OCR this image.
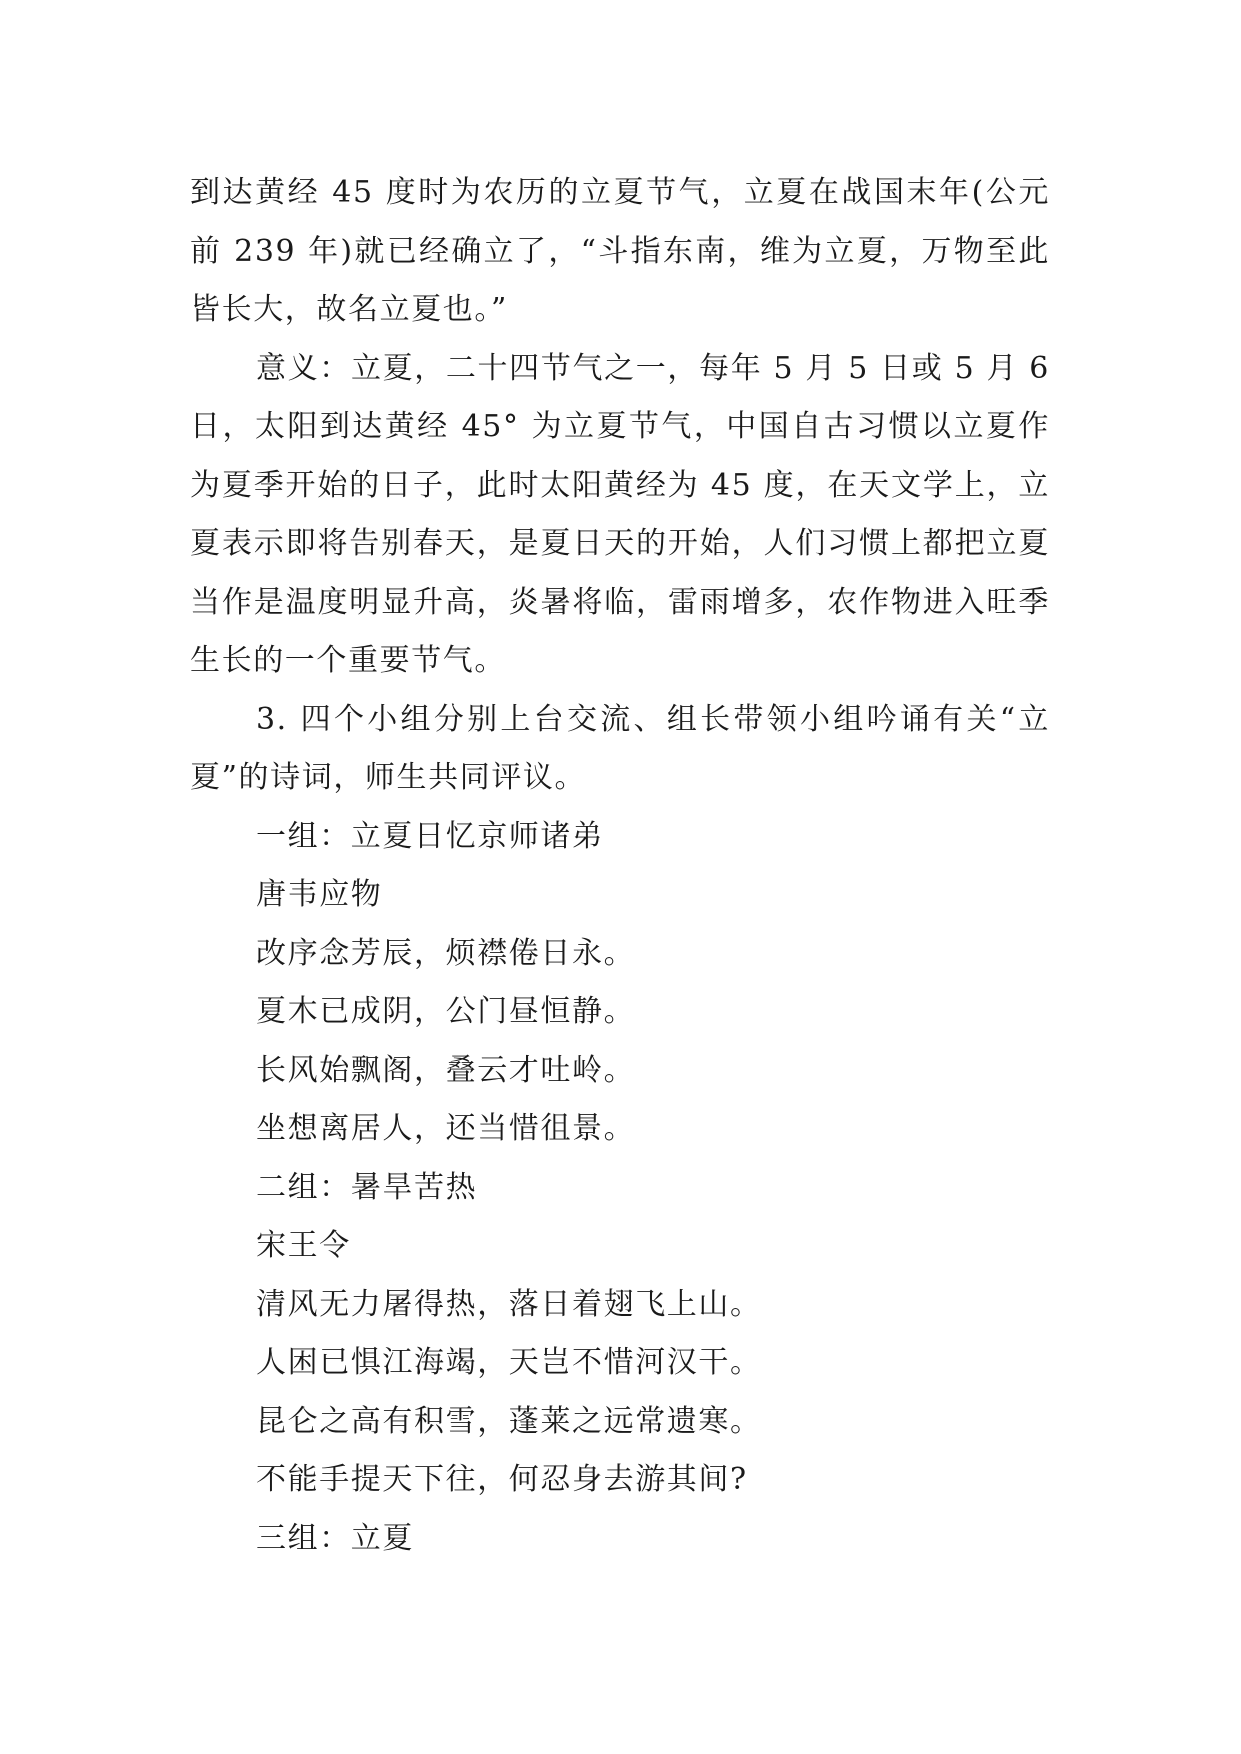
到达黄经 45 度时为农历的立夏节气，立夏在战国末年(公元前 239 年)就已经确立了，“斗指东南，维为立夏，万物至此皆长大，故名立夏也。”

意义：立夏，二十四节气之一，每年 5 月 5 日或 5 月 6 日，太阳到达黄经 45° 为立夏节气，中国自古习惯以立夏作为夏季开始的日子，此时太阳黄经为 45 度，在天文学上，立夏表示即将告别春天，是夏日天的开始，人们习惯上都把立夏当作是温度明显升高，炎暑将临，雷雨增多，农作物进入旺季生长的一个重要节气。

3. 四个小组分别上台交流、组长带领小组吟诵有关“立夏”的诗词，师生共同评议。

一组：立夏日忆京师诸弟
唐韦应物
改序念芳辰，烦襟倦日永。
夏木已成阴，公门昼恒静。
长风始飘阁，叠云才吐岭。
坐想离居人，还当惜徂景。
二组：暑旱苦热
宋王令
清风无力屠得热，落日着翅飞上山。
人困已惧江海竭，天岂不惜河汉干。
昆仑之高有积雪，蓬莱之远常遗寒。
不能手提天下往，何忍身去游其间?
三组：立夏
